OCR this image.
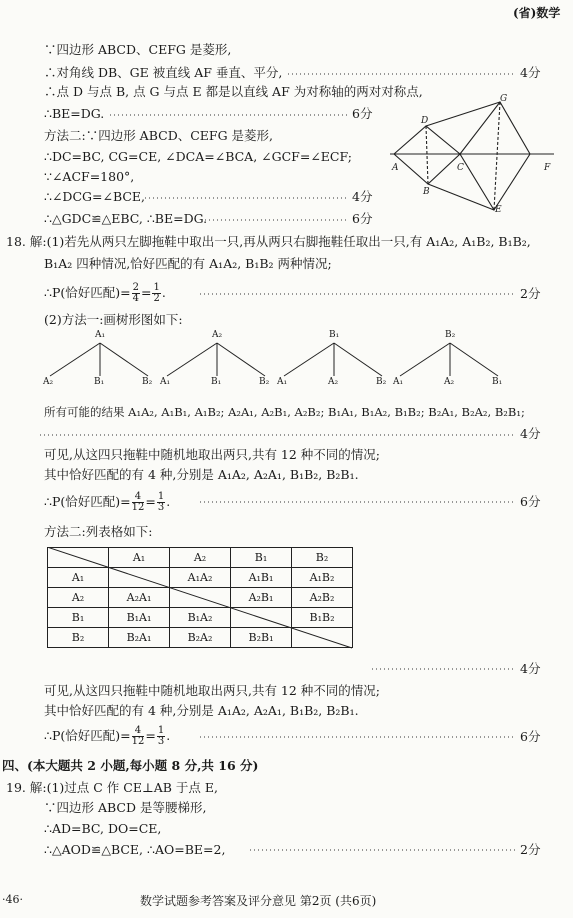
(省)数学
∵四边形 ABCD、CEFG 是菱形,
∴对角线 DB、GE 被直线 AF 垂直、平分,	4分
∴点 D 与点 B, 点 G 与点 E 都是以直线 AF 为对称轴的两对对称点,
∴BE=DG.	6分
方法二:∵四边形 ABCD、CEFG 是菱形,
∴DC=BC, CG=CE, ∠DCA=∠BCA, ∠GCF=∠ECF;
∵∠ACF=180°,
∴∠DCG=∠BCE,	4分
∴△GDC≌△EBC, ∴BE=DG.	6分
D
G
A	C	F
B
E
18. 解:(1)若先从两只左脚拖鞋中取出一只,再从两只右脚拖鞋任取出一只,有 A₁A₂, A₁B₂, B₁B₂,
B₁A₂ 四种情况,恰好匹配的有 A₁A₂, B₁B₂ 两种情况;
∴P(恰好匹配)= $\frac{2}{4} = \frac{1}{2}$ .	2分
(2)方法一:画树形图如下:
A₁
A₂	B₁	B₂
A₂
A₁	B₁	B₂
B₁
A₁	A₂	B₂
B₂
A₁	A₂	B₁
所有可能的结果 A₁A₂, A₁B₁, A₁B₂; A₂A₁, A₂B₁, A₂B₂; B₁A₁, B₁A₂, B₁B₂; B₂A₁, B₂A₂, B₂B₁;
4分
可见,从这四只拖鞋中随机地取出两只,共有 12 种不同的情况;
其中恰好匹配的有 4 种,分别是 A₁A₂, A₂A₁, B₁B₂, B₂B₁.
∴P(恰好匹配)= $\frac{4}{12} = \frac{1}{3}$ .	6分
方法二:列表格如下:
	A₁	A₂	B₁	B₂
A₁		A₁A₂	A₁B₁	A₁B₂
A₂	A₂A₁		A₂B₁	A₂B₂
B₁	B₁A₁	B₁A₂		B₁B₂
B₂	B₂A₁	B₂A₂	B₂B₁	
4分
可见,从这四只拖鞋中随机地取出两只,共有 12 种不同的情况;
其中恰好匹配的有 4 种,分别是 A₁A₂, A₂A₁, B₁B₂, B₂B₁.
∴P(恰好匹配)= $\frac{4}{12} = \frac{1}{3}$ .	6分
四、(本大题共 2 小题,每小题 8 分,共 16 分)
19. 解:(1)过点 C 作 CE⊥AB 于点 E,
∵四边形 ABCD 是等腰梯形,
∴AD=BC, DO=CE,
∴△AOD≌△BCE, ∴AO=BE=2,	2分
·46·	数学试题参考答案及评分意见 第2页 (共6页)
